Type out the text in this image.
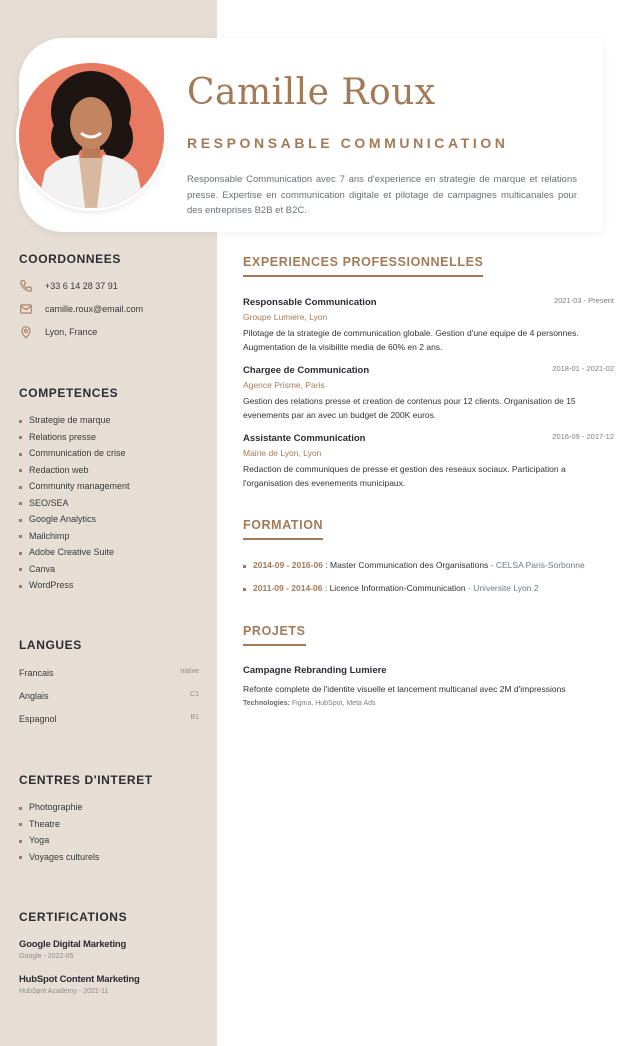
Camille Roux
RESPONSABLE COMMUNICATION

Responsable Communication avec 7 ans d'experience en strategie de marque et relations presse. Expertise en communication digitale et pilotage de campagnes multicanales pour des entreprises B2B et B2C.

COORDONNEES
+33 6 14 28 37 91
camille.roux@email.com
Lyon, France
COMPETENCES
Strategie de marque
Relations presse
Communication de crise
Redaction web
Community management
SEO/SEA
Google Analytics
Mailchimp
Adobe Creative Suite
Canva
WordPress
LANGUES
Francais	native
Anglais	C1
Espagnol	B1
CENTRES D'INTERET
Photographie
Theatre
Yoga
Voyages culturels
CERTIFICATIONS
Google Digital Marketing
Google - 2022-05
HubSpot Content Marketing
HubSpot Academy - 2021-11
EXPERIENCES PROFESSIONNELLES
Responsable Communication	2021-03 - Present
Groupe Lumiere, Lyon
Pilotage de la strategie de communication globale. Gestion d'une equipe de 4 personnes. Augmentation de la visibilite media de 60% en 2 ans.
Chargee de Communication	2018-01 - 2021-02
Agence Prisme, Paris
Gestion des relations presse et creation de contenus pour 12 clients. Organisation de 15 evenements par an avec un budget de 200K euros.
Assistante Communication	2016-09 - 2017-12
Mairie de Lyon, Lyon
Redaction de communiques de presse et gestion des reseaux sociaux. Participation a l'organisation des evenements municipaux.
FORMATION
2014-09 - 2016-06 : Master Communication des Organisations - CELSA Paris-Sorbonne
2011-09 - 2014-06 : Licence Information-Communication - Universite Lyon 2
PROJETS
Campagne Rebranding Lumiere
Refonte complete de l'identite visuelle et lancement multicanal avec 2M d'impressions
Technologies: Figma, HubSpot, Meta Ads
